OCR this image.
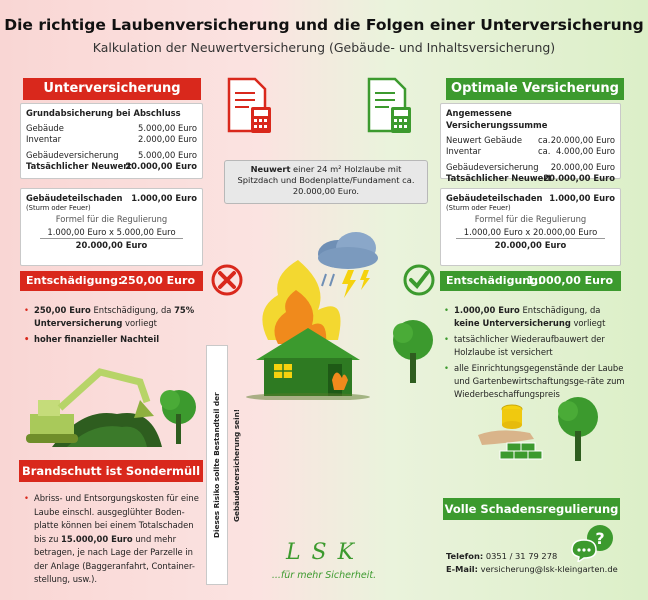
Die richtige Laubenversicherung und die Folgen einer Unterversicherung
Kalkulation der Neuwertversicherung (Gebäude- und Inhaltsversicherung)
Unterversicherung
Grundabsicherung bei Abschluss
Gebäude	5.000,00 Euro
Inventar	2.000,00 Euro
Gebäudeversicherung 5.000,00 Euro
Tatsächlicher Neuwert
20.000,00 Euro
Gebäudeteilschaden 1.000,00 Euro
(Sturm oder Feuer)
Formel für die Regulierung
1.000,00 Euro x 5.000,00 Euro
20.000,00 Euro
Entschädigung:
250,00 Euro
• 250,00 Euro Entschädigung, da 75% Unterversicherung vorliegt
• hoher finanzieller Nachteil
Brandschutt ist Sondermüll
• Abriss- und Entsorgungskosten für eine Laube einschl. ausgeglühter Boden-platte können bei einem Totalschaden bis zu 15.000,00 Euro und mehr betragen, je nach Lage der Parzelle in der Anlage (Baggeranfahrt, Container-stellung, usw.).
Neuwert einer 24 m² Holzlaube mit Spitzdach und Bodenplatte/Fundament ca. 20.000,00 Euro.
Dieses Risiko sollte Bestandteil der Gebäudeversicherung sein!
L S K
...für mehr Sicherheit.
Optimale Versicherung
Angemessene Versicherungssumme
Neuwert Gebäude ca. 20.000,00 Euro
Inventar	ca. 4.000,00 Euro
Gebäudeversicherung 20.000,00 Euro
Tatsächlicher Neuwert
20.000,00 Euro
Gebäudeteilschaden 1.000,00 Euro
(Sturm oder Feuer)
Formel für die Regulierung
1.000,00 Euro x 20.000,00 Euro
20.000,00 Euro
Entschädigung:
1.000,00 Euro
• 1.000,00 Euro Entschädigung, da keine Unterversicherung vorliegt
• tatsächlicher Wiederaufbauwert der Holzlaube ist versichert
• alle Einrichtungsgegenstände der Laube und Gartenbewirtschaftungsge-räte zum Wiederbeschaffungspreis
Volle Schadensregulierung
Telefon: 0351 / 31 79 278
E-Mail: versicherung@lsk-kleingarten.de
?
